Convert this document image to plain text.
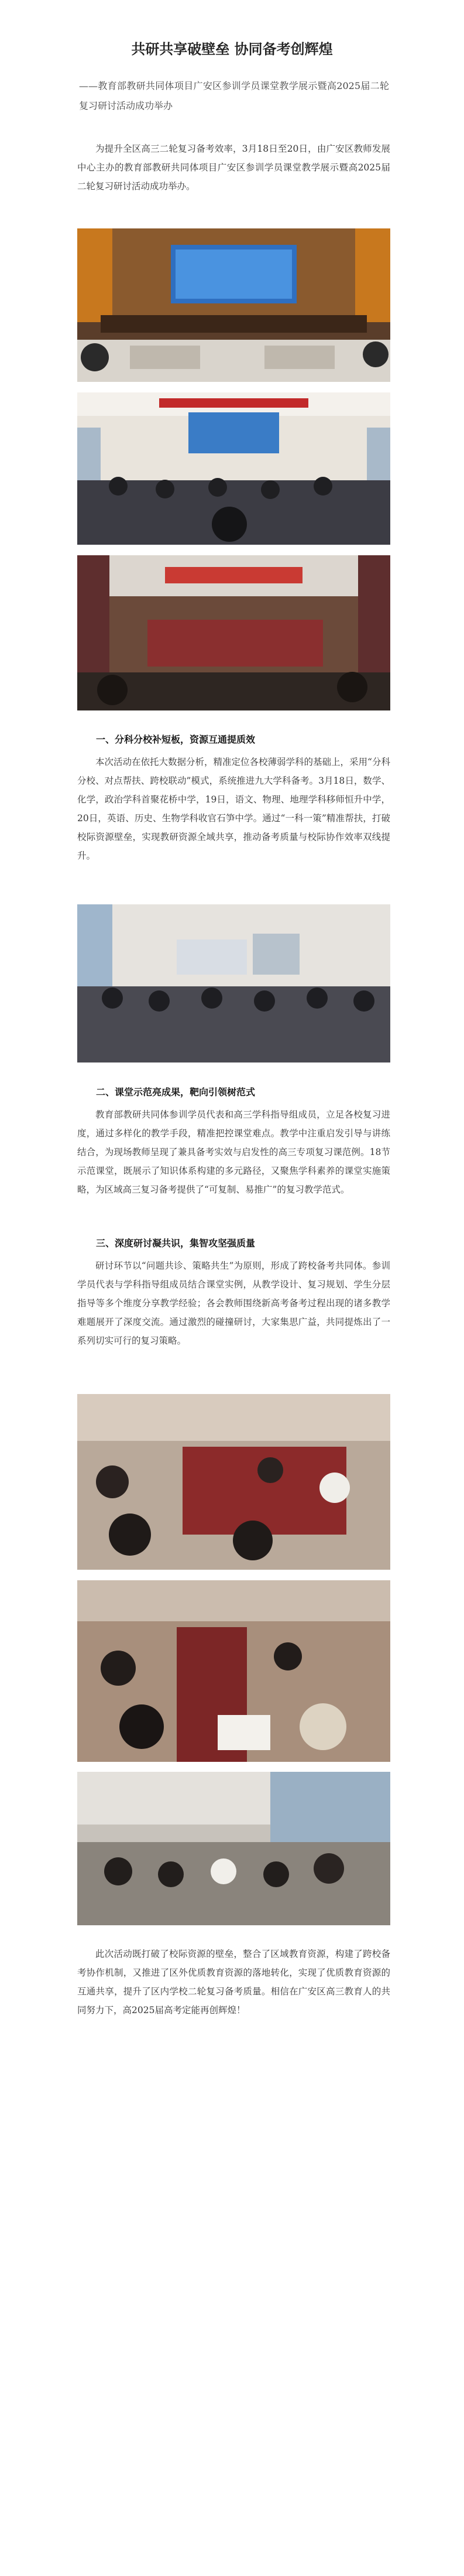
共研共享破壁垒 协同备考创辉煌
——教育部教研共同体项目广安区参训学员课堂教学展示暨高2025届二轮复习研讨活动成功举办
为提升全区高三二轮复习备考效率，3月18日至20日，由广安区教师发展中心主办的教育部教研共同体项目广安区参训学员课堂教学展示暨高2025届二轮复习研讨活动成功举办。
一、分科分校补短板，资源互通提质效
本次活动在依托大数据分析，精准定位各校薄弱学科的基础上，采用“分科分校、对点帮扶、跨校联动”模式，系统推进九大学科备考。3月18日，数学、化学，政治学科首聚花桥中学，19日，语文、物理、地理学科移师恒升中学，20日，英语、历史、生物学科收官石笋中学。通过“一科一策”精准帮扶，打破校际资源壁垒，实现教研资源全域共享，推动备考质量与校际协作效率双线提升。
二、课堂示范亮成果，靶向引领树范式
教育部教研共同体参训学员代表和高三学科指导组成员，立足各校复习进度，通过多样化的教学手段，精准把控课堂难点。教学中注重启发引导与讲练结合，为现场教师呈现了兼具备考实效与启发性的高三专项复习课范例。18节示范课堂，既展示了知识体系构建的多元路径，又聚焦学科素养的课堂实施策略，为区域高三复习备考提供了“可复制、易推广”的复习教学范式。
三、深度研讨凝共识，集智攻坚强质量
研讨环节以“问题共诊、策略共生”为原则，形成了跨校备考共同体。参训学员代表与学科指导组成员结合课堂实例，从教学设计、复习规划、学生分层指导等多个维度分享教学经验；各会教师围绕新高考备考过程出现的诸多教学难题展开了深度交流。通过激烈的碰撞研讨，大家集思广益，共同提炼出了一系列切实可行的复习策略。
此次活动既打破了校际资源的壁垒，整合了区域教育资源，构建了跨校备考协作机制，又推进了区外优质教育资源的落地转化，实现了优质教育资源的互通共享，提升了区内学校二轮复习备考质量。相信在广安区高三教育人的共同努力下，高2025届高考定能再创辉煌！
